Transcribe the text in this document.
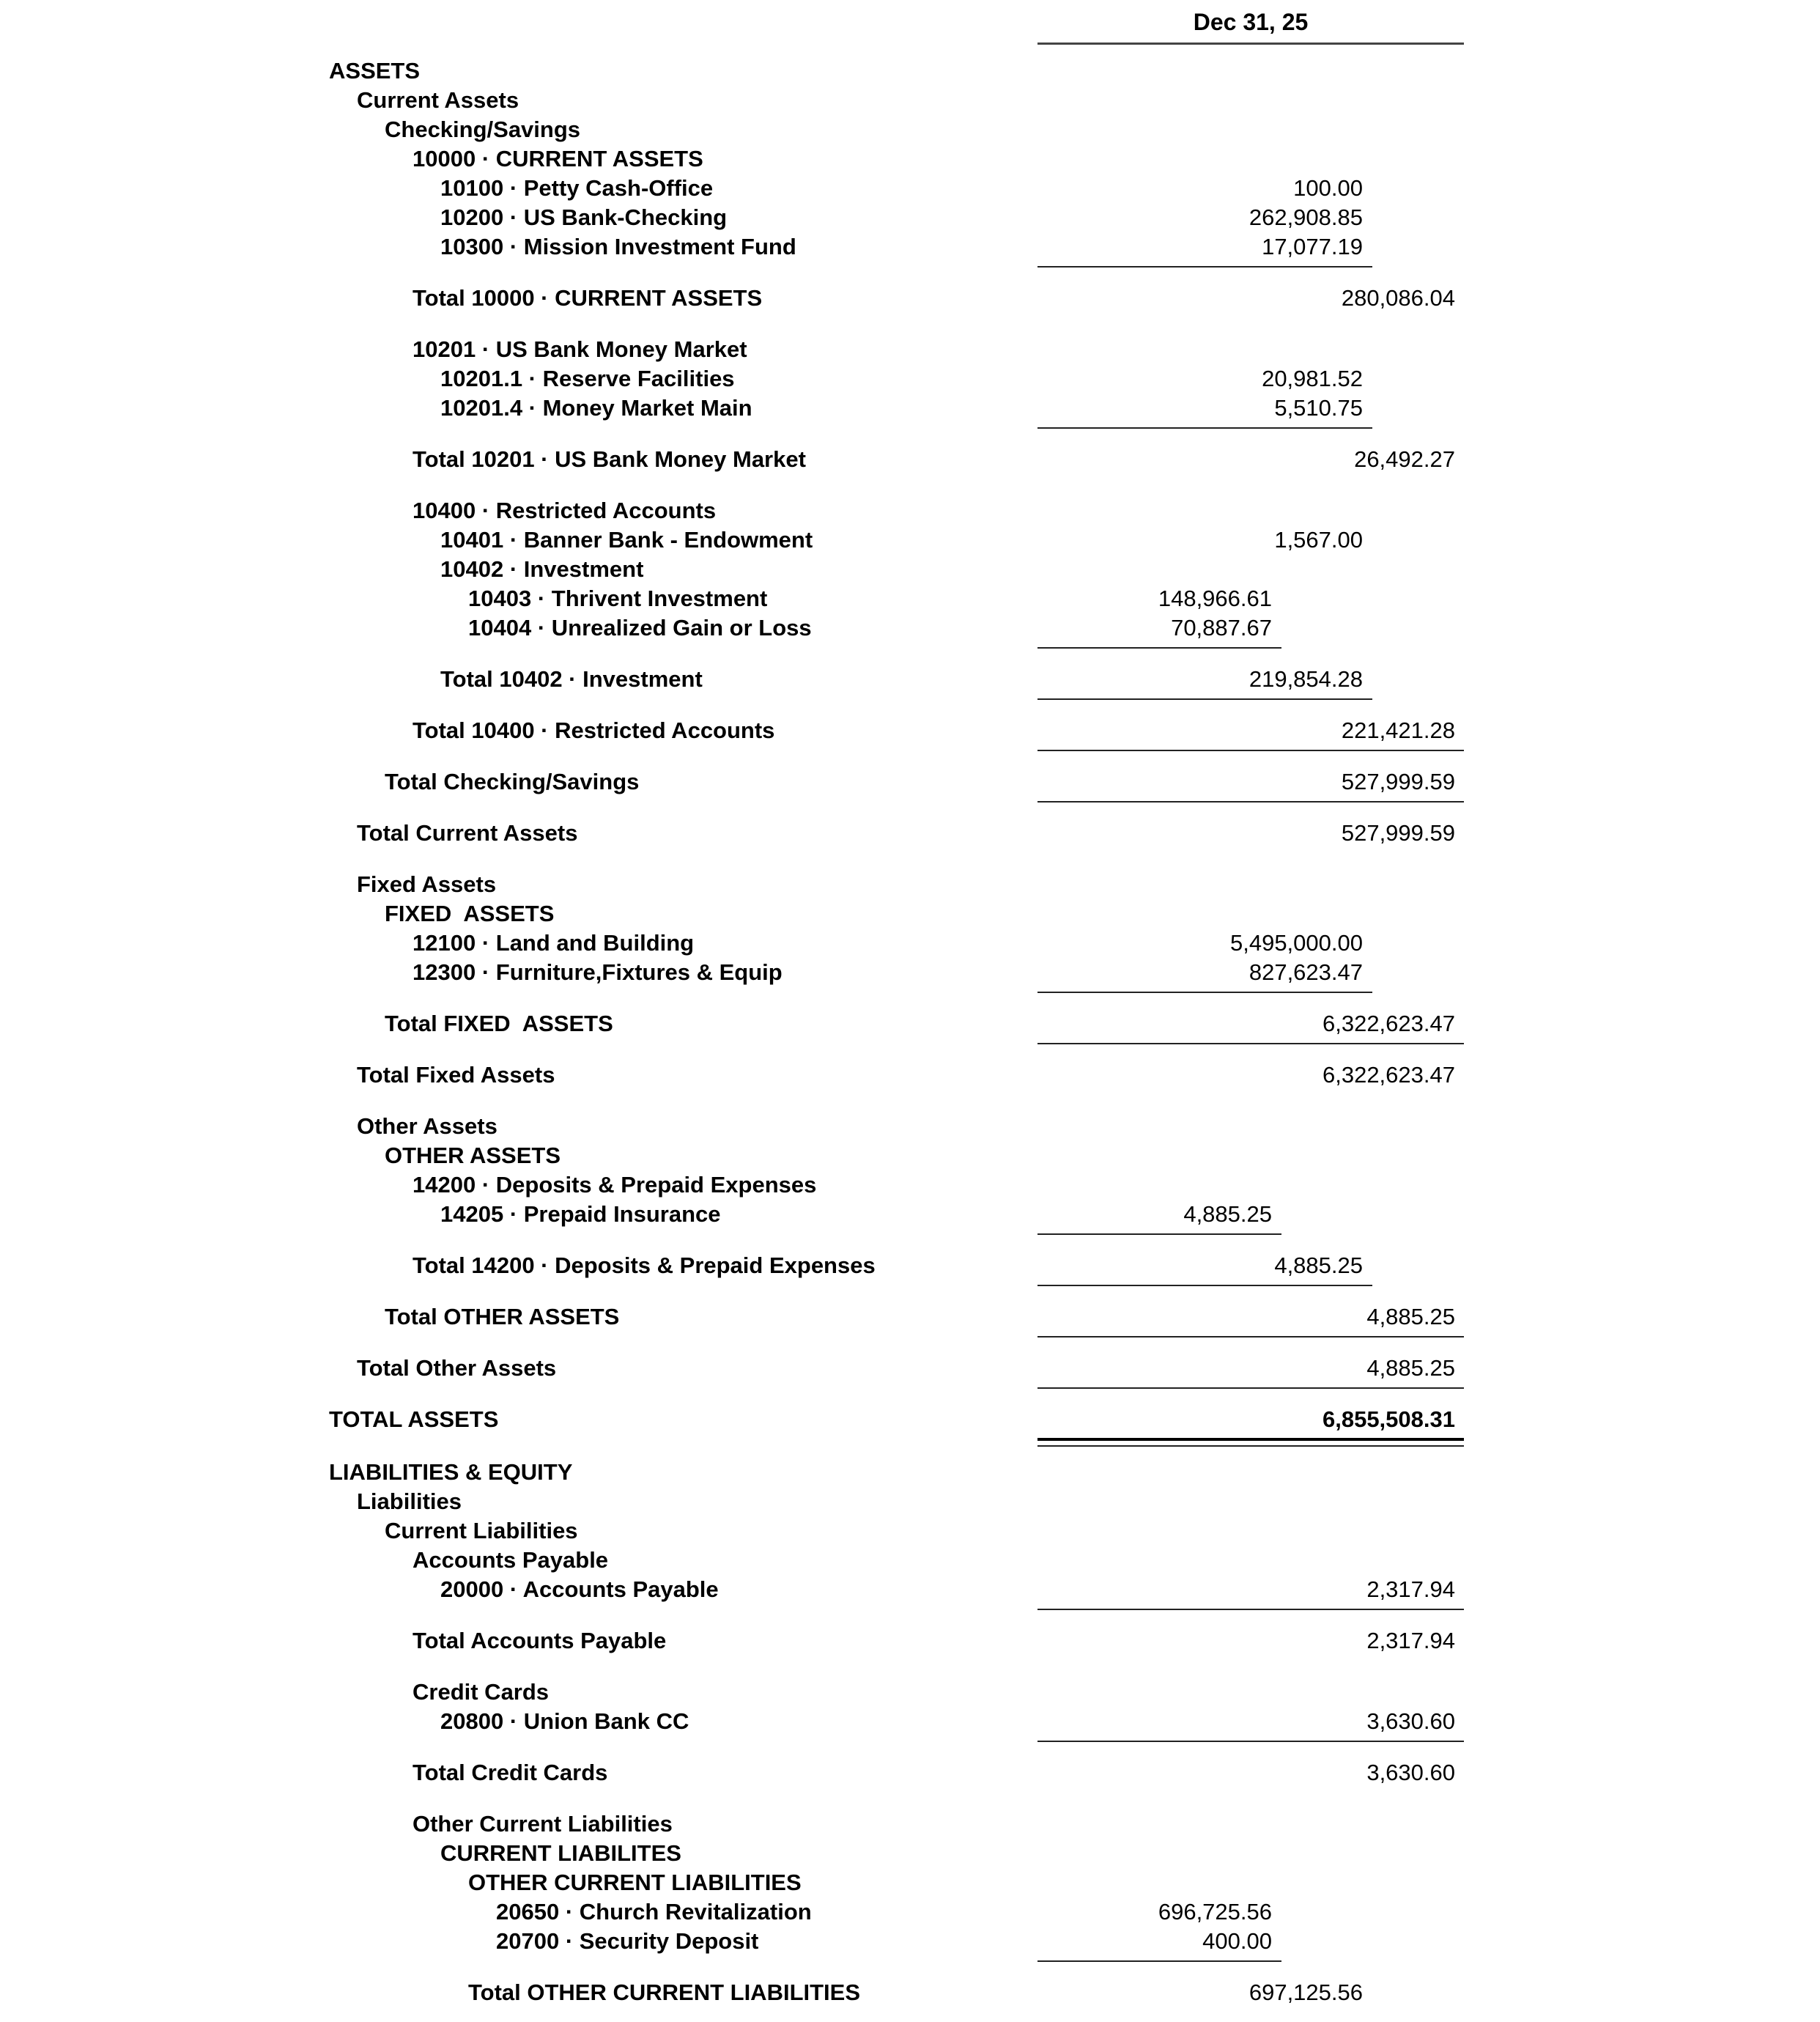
Dec 31, 25
ASSETS
Current Assets
Checking/Savings
10000 · CURRENT ASSETS
10100 · Petty Cash-Office	100.00
10200 · US Bank-Checking	262,908.85
10300 · Mission Investment Fund	17,077.19
Total 10000 · CURRENT ASSETS	280,086.04
10201 · US Bank Money Market
10201.1 · Reserve Facilities	20,981.52
10201.4 · Money Market Main	5,510.75
Total 10201 · US Bank Money Market	26,492.27
10400 · Restricted Accounts
10401 · Banner Bank - Endowment	1,567.00
10402 · Investment
10403 · Thrivent Investment	148,966.61
10404 · Unrealized Gain or Loss	70,887.67
Total 10402 · Investment	219,854.28
Total 10400 · Restricted Accounts	221,421.28
Total Checking/Savings	527,999.59
Total Current Assets	527,999.59
Fixed Assets
FIXED  ASSETS
12100 · Land and Building	5,495,000.00
12300 · Furniture,Fixtures & Equip	827,623.47
Total FIXED  ASSETS	6,322,623.47
Total Fixed Assets	6,322,623.47
Other Assets
OTHER ASSETS
14200 · Deposits & Prepaid Expenses
14205 · Prepaid Insurance	4,885.25
Total 14200 · Deposits & Prepaid Expenses	4,885.25
Total OTHER ASSETS	4,885.25
Total Other Assets	4,885.25
TOTAL ASSETS	6,855,508.31
LIABILITIES & EQUITY
Liabilities
Current Liabilities
Accounts Payable
20000 · Accounts Payable	2,317.94
Total Accounts Payable	2,317.94
Credit Cards
20800 · Union Bank CC	3,630.60
Total Credit Cards	3,630.60
Other Current Liabilities
CURRENT LIABILITES
OTHER CURRENT LIABILITIES
20650 · Church Revitalization	696,725.56
20700 · Security Deposit	400.00
Total OTHER CURRENT LIABILITIES	697,125.56
